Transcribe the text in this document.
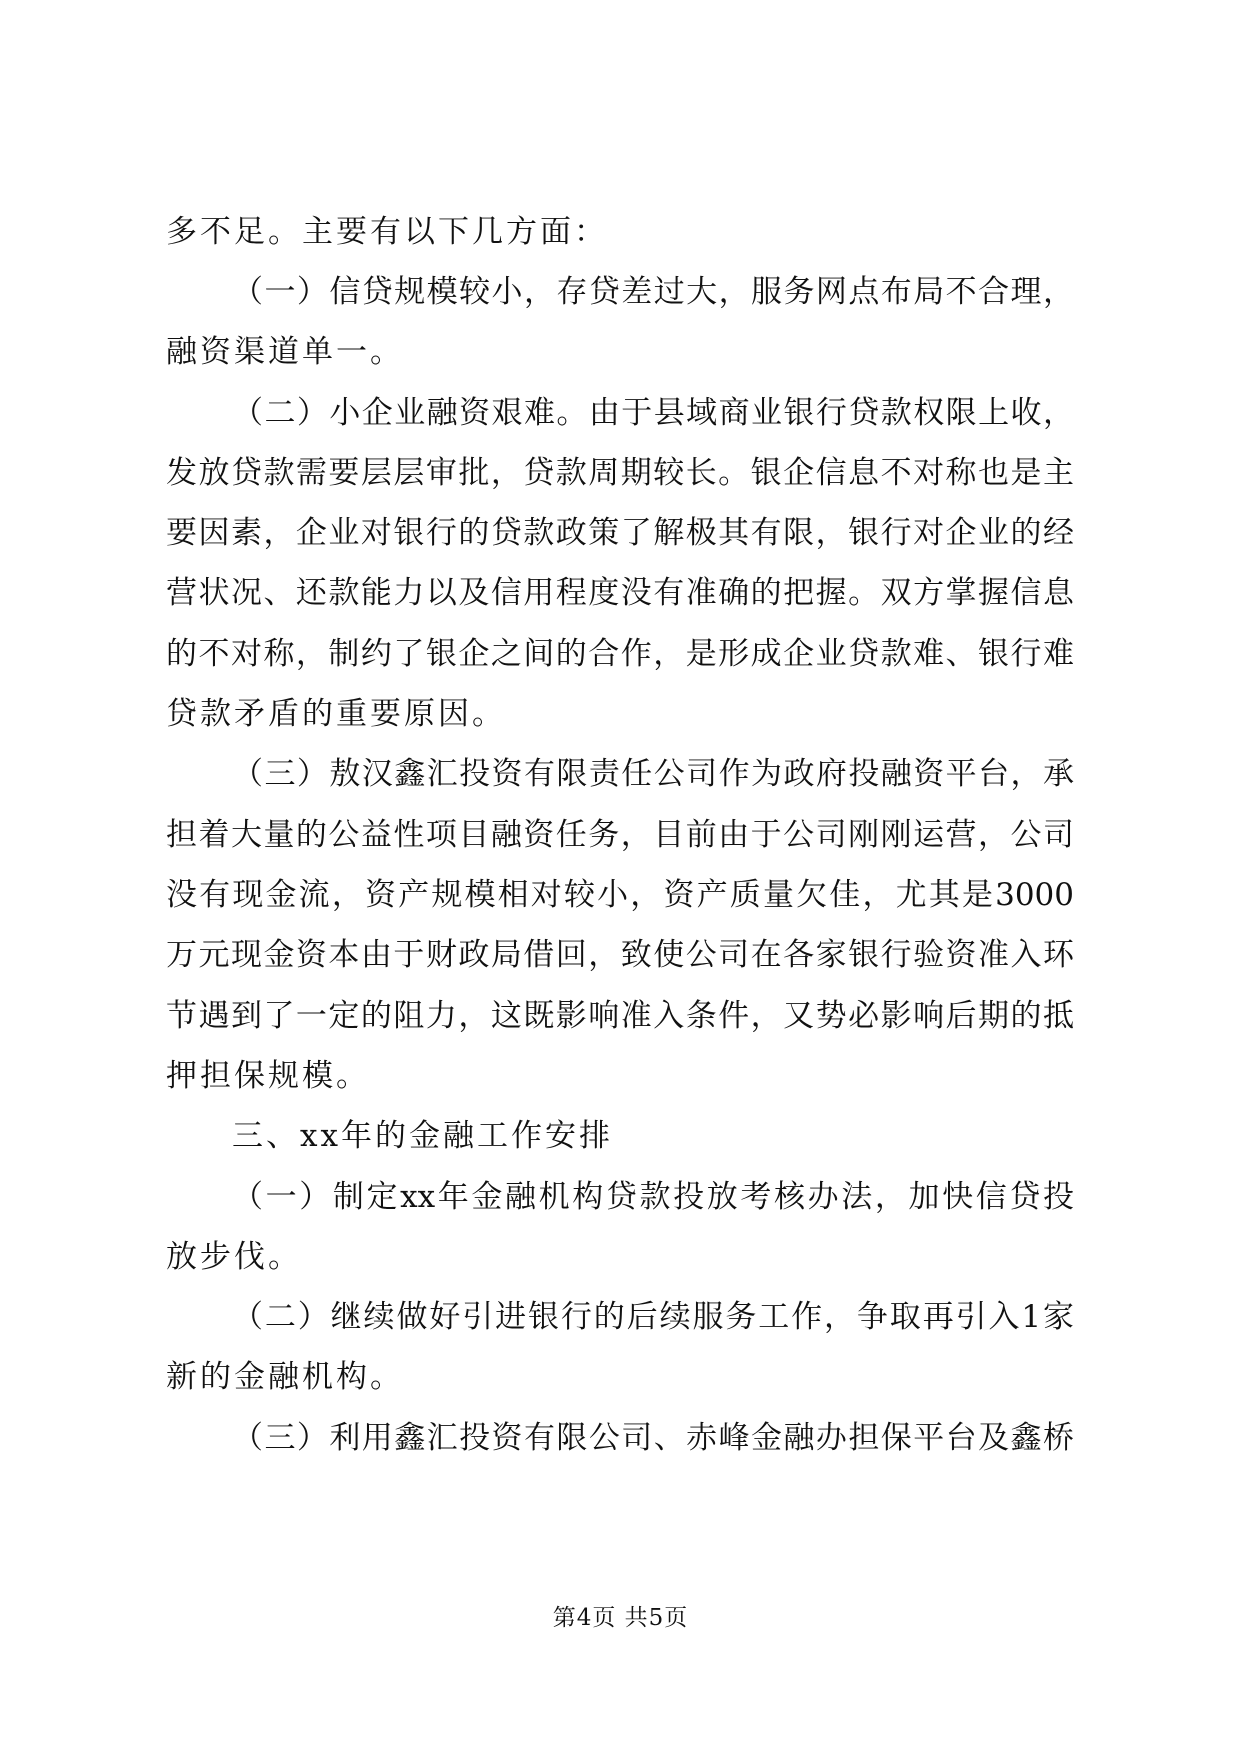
多不足。主要有以下几方面：
（一）信贷规模较小，存贷差过大，服务网点布局不合理，
融资渠道单一。
（二）小企业融资艰难。由于县域商业银行贷款权限上收，
发放贷款需要层层审批，贷款周期较长。银企信息不对称也是主
要因素，企业对银行的贷款政策了解极其有限，银行对企业的经
营状况、还款能力以及信用程度没有准确的把握。双方掌握信息
的不对称，制约了银企之间的合作，是形成企业贷款难、银行难
贷款矛盾的重要原因。
（三）敖汉鑫汇投资有限责任公司作为政府投融资平台，承
担着大量的公益性项目融资任务，目前由于公司刚刚运营，公司
没有现金流，资产规模相对较小，资产质量欠佳，尤其是3000
万元现金资本由于财政局借回，致使公司在各家银行验资准入环
节遇到了一定的阻力，这既影响准入条件，又势必影响后期的抵
押担保规模。
三、xx年的金融工作安排
（一）制定xx年金融机构贷款投放考核办法，加快信贷投
放步伐。
（二）继续做好引进银行的后续服务工作，争取再引入1家
新的金融机构。
（三）利用鑫汇投资有限公司、赤峰金融办担保平台及鑫桥
第4页 共5页
